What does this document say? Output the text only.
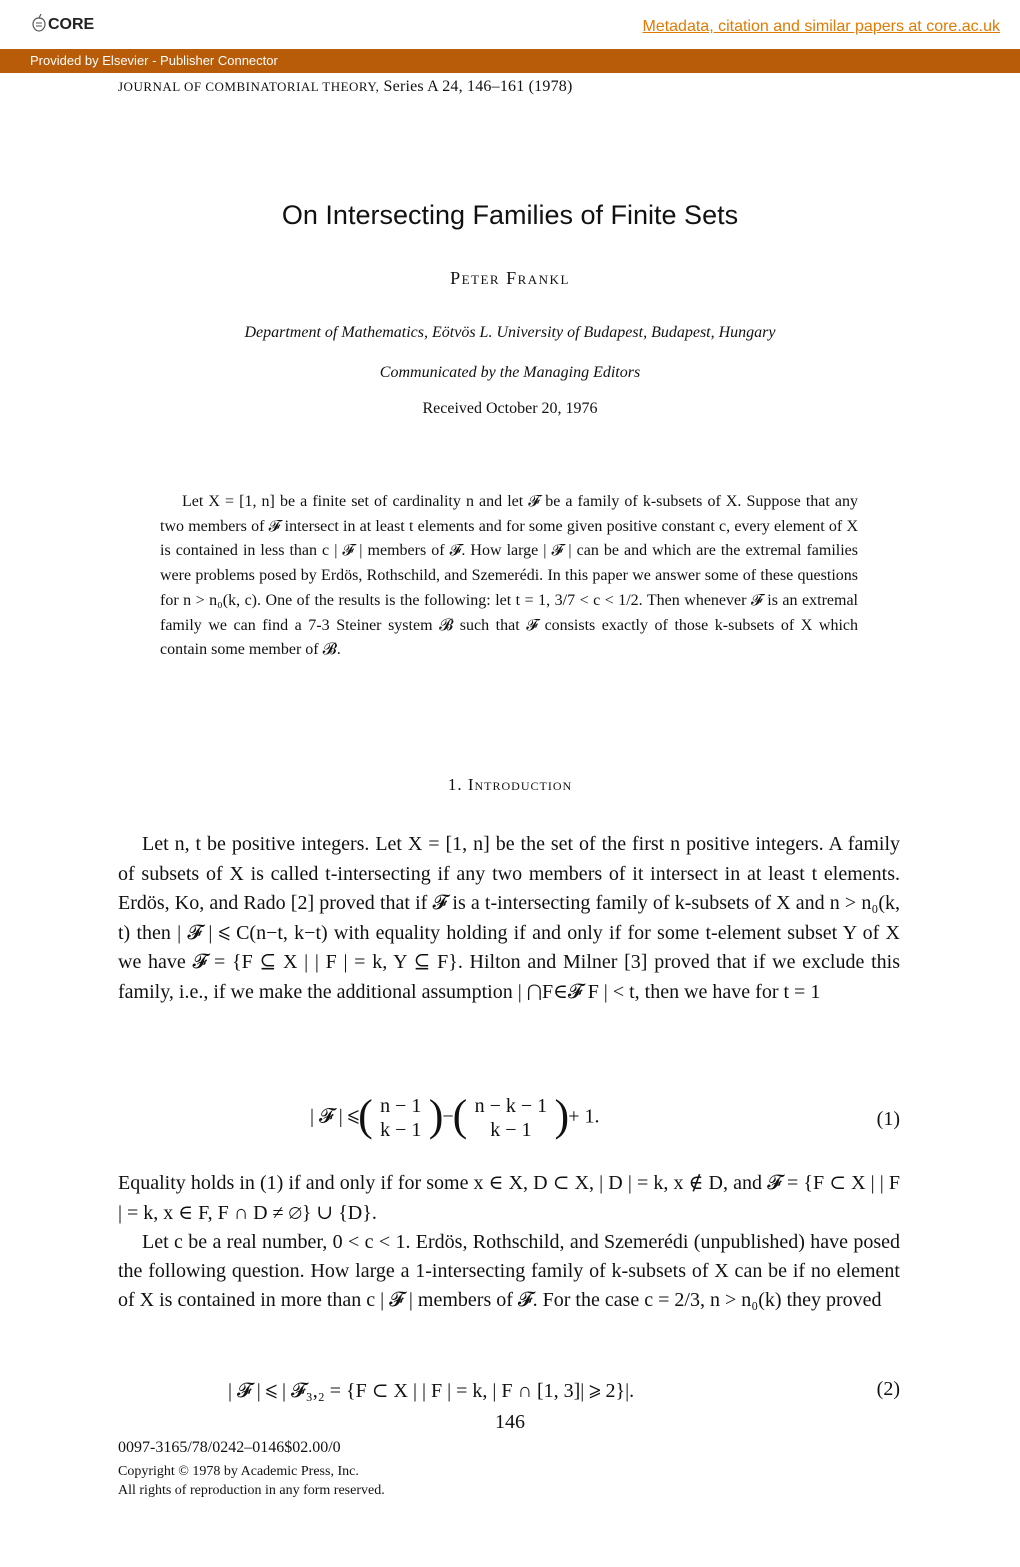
CORE	Metadata, citation and similar papers at core.ac.uk
Provided by Elsevier - Publisher Connector
JOURNAL OF COMBINATORIAL THEORY, Series A 24, 146–161 (1978)
On Intersecting Families of Finite Sets
Peter Frankl
Department of Mathematics, Eötvös L. University of Budapest, Budapest, Hungary
Communicated by the Managing Editors
Received October 20, 1976
Let X = [1, n] be a finite set of cardinality n and let 𝓕 be a family of k-subsets of X. Suppose that any two members of 𝓕 intersect in at least t elements and for some given positive constant c, every element of X is contained in less than c | 𝓕 | members of 𝓕. How large | 𝓕 | can be and which are the extremal families were problems posed by Erdös, Rothschild, and Szemerédi. In this paper we answer some of these questions for n > n₀(k, c). One of the results is the following: let t = 1, 3/7 < c < 1/2. Then whenever 𝓕 is an extremal family we can find a 7-3 Steiner system 𝓑 such that 𝓕 consists exactly of those k-subsets of X which contain some member of 𝓑.
1. Introduction
Let n, t be positive integers. Let X = [1, n] be the set of the first n positive integers. A family of subsets of X is called t-intersecting if any two members of it intersect in at least t elements. Erdös, Ko, and Rado [2] proved that if 𝓕 is a t-intersecting family of k-subsets of X and n > n₀(k, t) then | 𝓕 | ⩽ C(n−t, k−t) with equality holding if and only if for some t-element subset Y of X we have 𝓕 = {F ⊆ X | | F | = k, Y ⊆ F}. Hilton and Milner [3] proved that if we exclude this family, i.e., if we make the additional assumption | ⋂F∈𝓕 F | < t, then we have for t = 1
| 𝓕 | ⩽ ( n − 1
k − 1 ) − ( n − k − 1
k − 1 ) + 1.	(1)
Equality holds in (1) if and only if for some x ∈ X, D ⊂ X, | D | = k, x ∉ D, and 𝓕 = {F ⊂ X | | F | = k, x ∈ F, F ∩ D ≠ ∅} ∪ {D}.
Let c be a real number, 0 < c < 1. Erdös, Rothschild, and Szemerédi (unpublished) have posed the following question. How large a 1-intersecting family of k-subsets of X can be if no element of X is contained in more than c | 𝓕 | members of 𝓕. For the case c = 2/3, n > n₀(k) they proved
| 𝓕 | ⩽ | 𝓕₃,₂ = {F ⊂ X | | F | = k, | F ∩ [1, 3]| ⩾ 2}|.	(2)
146
0097-3165/78/0242–0146$02.00/0
Copyright © 1978 by Academic Press, Inc.
All rights of reproduction in any form reserved.
